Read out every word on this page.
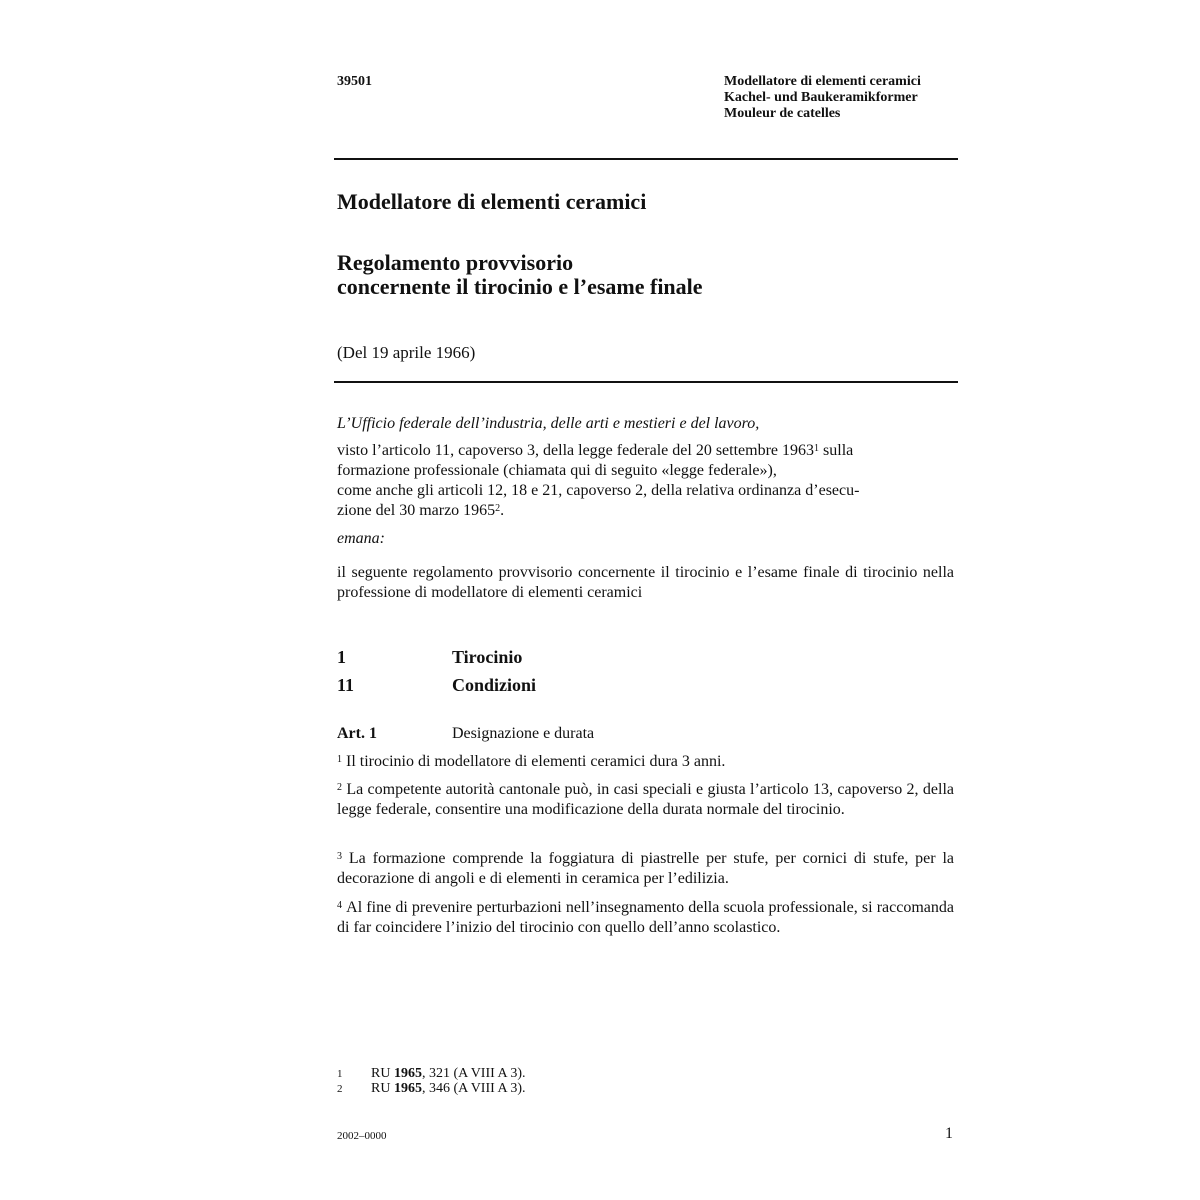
39501	Modellatore di elementi ceramici
Kachel- und Baukeramikformer
Mouleur de catelles
Modellatore di elementi ceramici
Regolamento provvisorio
concernente il tirocinio e l’esame finale
(Del 19 aprile 1966)
L’Ufficio federale dell’industria, delle arti e mestieri e del lavoro,
visto l’articolo 11, capoverso 3, della legge federale del 20 settembre 1963$^1$ sulla
formazione professionale (chiamata qui di seguito «legge federale»),
come anche gli articoli 12, 18 e 21, capoverso 2, della relativa ordinanza d’esecu-
zione del 30 marzo 1965$^2$.
emana:
il seguente regolamento provvisorio concernente il tirocinio e l’esame finale di tirocinio nella professione di modellatore di elementi ceramici
1	Tirocinio
11	Condizioni
Art. 1	Designazione e durata
$^1$ Il tirocinio di modellatore di elementi ceramici dura 3 anni.
$^2$ La competente autorità cantonale può, in casi speciali e giusta l’articolo 13, capoverso 2, della legge federale, consentire una modificazione della durata normale del tirocinio.
$^3$ La formazione comprende la foggiatura di piastrelle per stufe, per cornici di stufe, per la decorazione di angoli e di elementi in ceramica per l’edilizia.
$^4$ Al fine di prevenire perturbazioni nell’insegnamento della scuola professionale, si raccomanda di far coincidere l’inizio del tirocinio con quello dell’anno scolastico.
1 RU 1965, 321 (A VIII A 3).
2 RU 1965, 346 (A VIII A 3).
2002–0000	1
